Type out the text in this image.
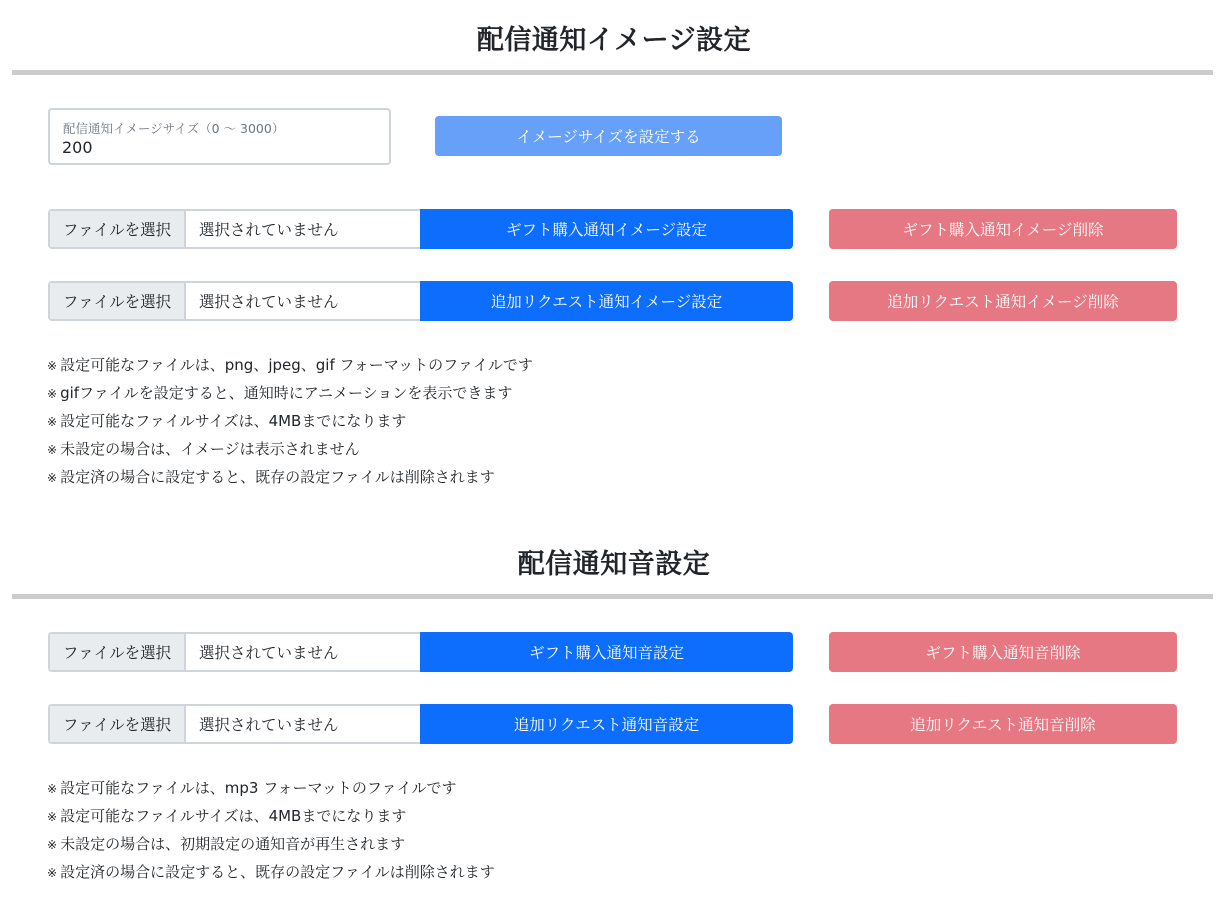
配信通知イメージ設定
配信通知イメージサイズ（0 〜 3000）
200	イメージサイズを設定する
ファイルを選択	選択されていません	ギフト購入通知イメージ設定	ギフト購入通知イメージ削除
ファイルを選択	選択されていません	追加リクエスト通知イメージ設定	追加リクエスト通知イメージ削除
※ 設定可能なファイルは、png、jpeg、gif フォーマットのファイルです
※ gifファイルを設定すると、通知時にアニメーションを表示できます
※ 設定可能なファイルサイズは、4MBまでになります
※ 未設定の場合は、イメージは表示されません
※ 設定済の場合に設定すると、既存の設定ファイルは削除されます
配信通知音設定
ファイルを選択	選択されていません	ギフト購入通知音設定	ギフト購入通知音削除
ファイルを選択	選択されていません	追加リクエスト通知音設定	追加リクエスト通知音削除
※ 設定可能なファイルは、mp3 フォーマットのファイルです
※ 設定可能なファイルサイズは、4MBまでになります
※ 未設定の場合は、初期設定の通知音が再生されます
※ 設定済の場合に設定すると、既存の設定ファイルは削除されます
